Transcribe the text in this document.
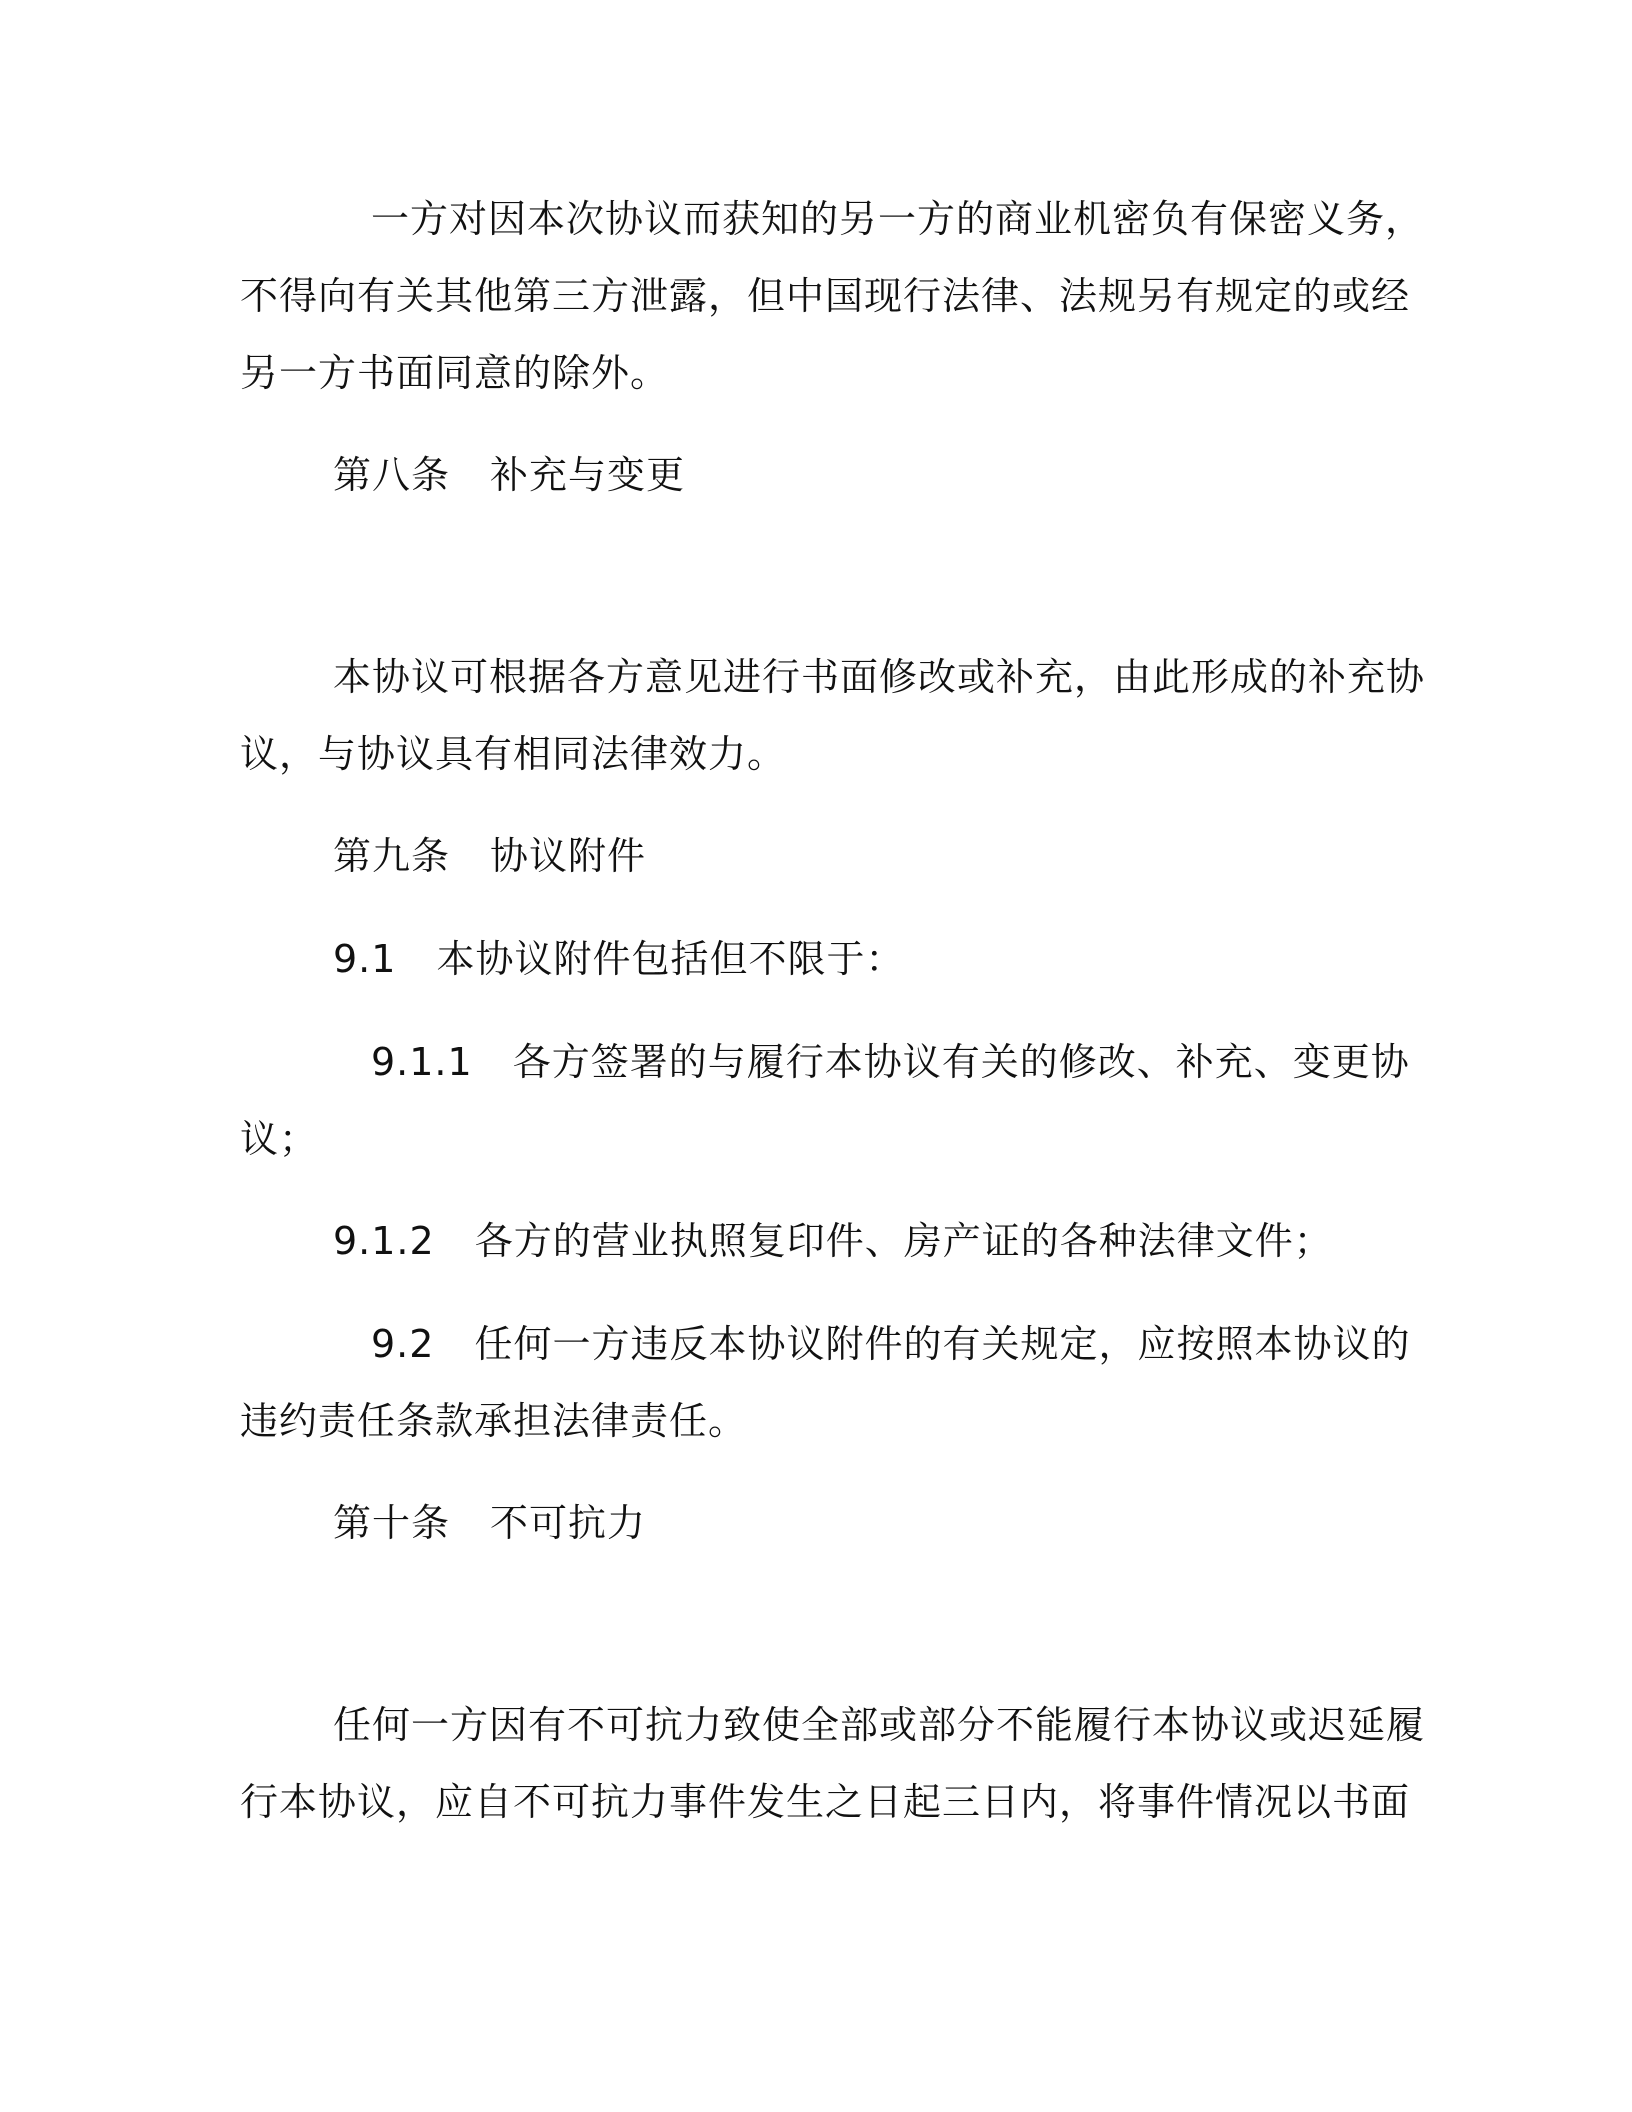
一方对因本次协议而获知的另一方的商业机密负有保密义务，
不得向有关其他第三方泄露，但中国现行法律、法规另有规定的或经
另一方书面同意的除外。
第八条 补充与变更
本协议可根据各方意见进行书面修改或补充，由此形成的补充协
议，与协议具有相同法律效力。
第九条 协议附件
9.1 本协议附件包括但不限于：
9.1.1 各方签署的与履行本协议有关的修改、补充、变更协
议；
9.1.2 各方的营业执照复印件、房产证的各种法律文件；
9.2 任何一方违反本协议附件的有关规定，应按照本协议的
违约责任条款承担法律责任。
第十条 不可抗力
任何一方因有不可抗力致使全部或部分不能履行本协议或迟延履
行本协议，应自不可抗力事件发生之日起三日内，将事件情况以书面
